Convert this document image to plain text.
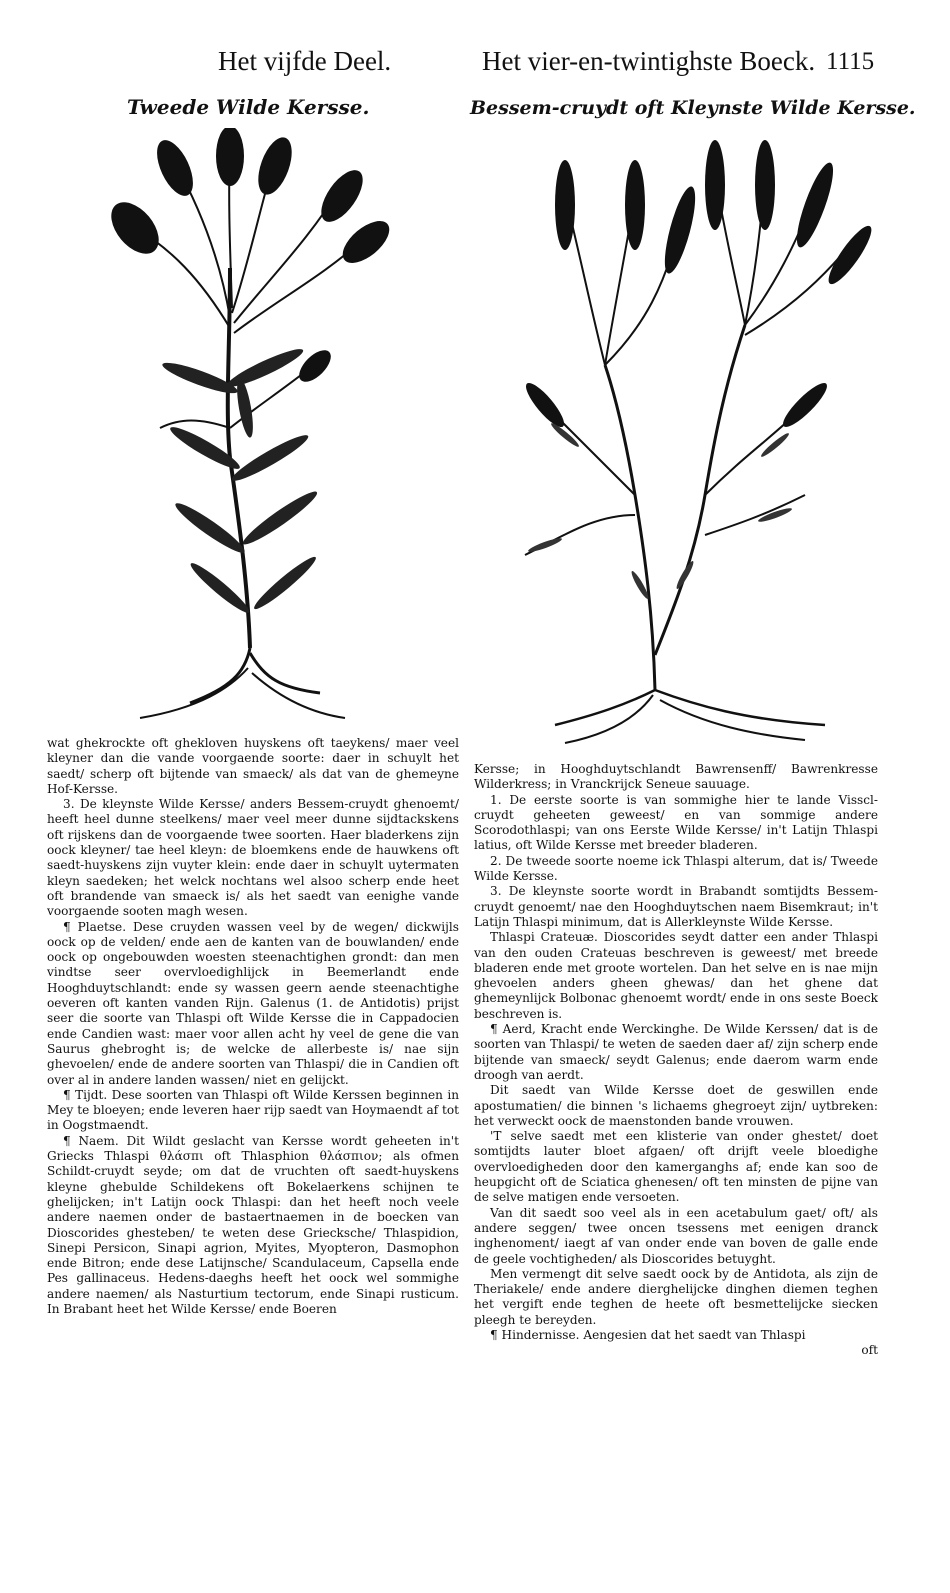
Het vijfde Deel.	Het vier-en-twintighste Boeck. 1115
Tweede Wilde Kersse.	Bessem-cruydt oft Kleynste Wilde Kersse.

wat ghekrockte oft ghekloven huyskens oft taeykens/ maer veel kleyner dan die vande voorgaende soorte: daer in schuylt het saedt/ scherp oft bijtende van smaeck/ als dat van de ghemeyne Hof-Kersse.

3. De kleynste Wilde Kersse/ anders Bessem-cruydt ghenoemt/ heeft heel dunne steelkens/ maer veel meer dunne sijdtackskens oft rijskens dan de voorgaende twee soorten. Haer bladerkens zijn oock kleyner/ tae heel kleyn: de bloemkens ende de hauwkens oft saedt-huyskens zijn vuyter klein: ende daer in schuylt uytermaten kleyn saedeken; het welck nochtans wel alsoo scherp ende heet oft brandende van smaeck is/ als het saedt van eenighe vande voorgaende sooten magh wesen.

¶ Plaetse. Dese cruyden wassen veel by de wegen/ dickwijls oock op de velden/ ende aen de kanten van de bouwlanden/ ende oock op ongebouwden woesten steenachtighen grondt: dan men vindtse seer overvloedighlijck in Beemerlandt ende Hooghduytschlandt: ende sy wassen geern aende steenachtighe oeveren oft kanten vanden Rijn. Galenus (1. de Antidotis) prijst seer die soorte van Thlaspi oft Wilde Kersse die in Cappadocien ende Candien wast: maer voor allen acht hy veel de gene die van Saurus ghebroght is; de welcke de allerbeste is/ nae sijn ghevoelen/ ende de andere soorten van Thlaspi/ die in Candien oft over al in andere landen wassen/ niet en gelijckt.

¶ Tijdt. Dese soorten van Thlaspi oft Wilde Kerssen beginnen in Mey te bloeyen; ende leveren haer rijp saedt van Hoymaendt af tot in Oogstmaendt.

¶ Naem. Dit Wildt geslacht van Kersse wordt geheeten in't Griecks Thlaspi θλάσπι oft Thlasphion θλάσπιον; als ofmen Schildt-cruydt seyde; om dat de vruchten oft saedt-huyskens kleyne ghebulde Schildekens oft Bokelaerkens schijnen te ghelijcken; in't Latijn oock Thlaspi: dan het heeft noch veele andere naemen onder de bastaertnaemen in de boecken van Dioscorides ghesteben/ te weten dese Griecksche/ Thlaspidion, Sinepi Persicon, Sinapi agrion, Myites, Myopteron, Dasmophon ende Bitron; ende dese Latijnsche/ Scandulaceum, Capsella ende Pes gallinaceus. Hedens-daeghs heeft het oock wel sommighe andere naemen/ als Nasturtium tectorum, ende Sinapi rusticum. In Brabant heet het Wilde Kersse/ ende Boeren

Kersse; in Hooghduytschlandt Bawrensenff/ Bawrenkresse Wilderkress; in Vranckrijck Seneue sauuage.

1. De eerste soorte is van sommighe hier te lande Visscl-cruydt geheeten geweest/ en van sommige andere Scorodothlaspi; van ons Eerste Wilde Kersse/ in't Latijn Thlaspi latius, oft Wilde Kersse met breeder bladeren.

2. De tweede soorte noeme ick Thlaspi alterum, dat is/ Tweede Wilde Kersse.

3. De kleynste soorte wordt in Brabandt somtijdts Bessem-cruydt genoemt/ nae den Hooghduytschen naem Bisemkraut; in't Latijn Thlaspi minimum, dat is Allerkleynste Wilde Kersse.

Thlaspi Crateuæ. Dioscorides seydt datter een ander Thlaspi van den ouden Crateuas beschreven is geweest/ met breede bladeren ende met groote wortelen. Dan het selve en is nae mijn ghevoelen anders gheen ghewas/ dan het ghene dat ghemeynlijck Bolbonac ghenoemt wordt/ ende in ons seste Boeck beschreven is.

¶ Aerd, Kracht ende Werckinghe. De Wilde Kerssen/ dat is de soorten van Thlaspi/ te weten de saeden daer af/ zijn scherp ende bijtende van smaeck/ seydt Galenus; ende daerom warm ende droogh van aerdt.

Dit saedt van Wilde Kersse doet de geswillen ende apostumatien/ die binnen 's lichaems ghegroeyt zijn/ uytbreken: het verweckt oock de maenstonden bande vrouwen.

'T selve saedt met een klisterie van onder ghestet/ doet somtijdts lauter bloet afgaen/ oft drijft veele bloedighe overvloedigheden door den kamerganghs af; ende kan soo de heupgicht oft de Sciatica ghenesen/ oft ten minsten de pijne van de selve matigen ende versoeten.

Van dit saedt soo veel als in een acetabulum gaet/ oft/ als andere seggen/ twee oncen tsessens met eenigen dranck inghenoment/ iaegt af van onder ende van boven de galle ende de geele vochtigheden/ als Dioscorides betuyght.

Men vermengt dit selve saedt oock by de Antidota, als zijn de Theriakele/ ende andere dierghelijcke dinghen diemen teghen het vergift ende teghen de heete oft besmettelijcke siecken pleegh te bereyden.

¶ Hindernisse. Aengesien dat het saedt van Thlaspi

oft
